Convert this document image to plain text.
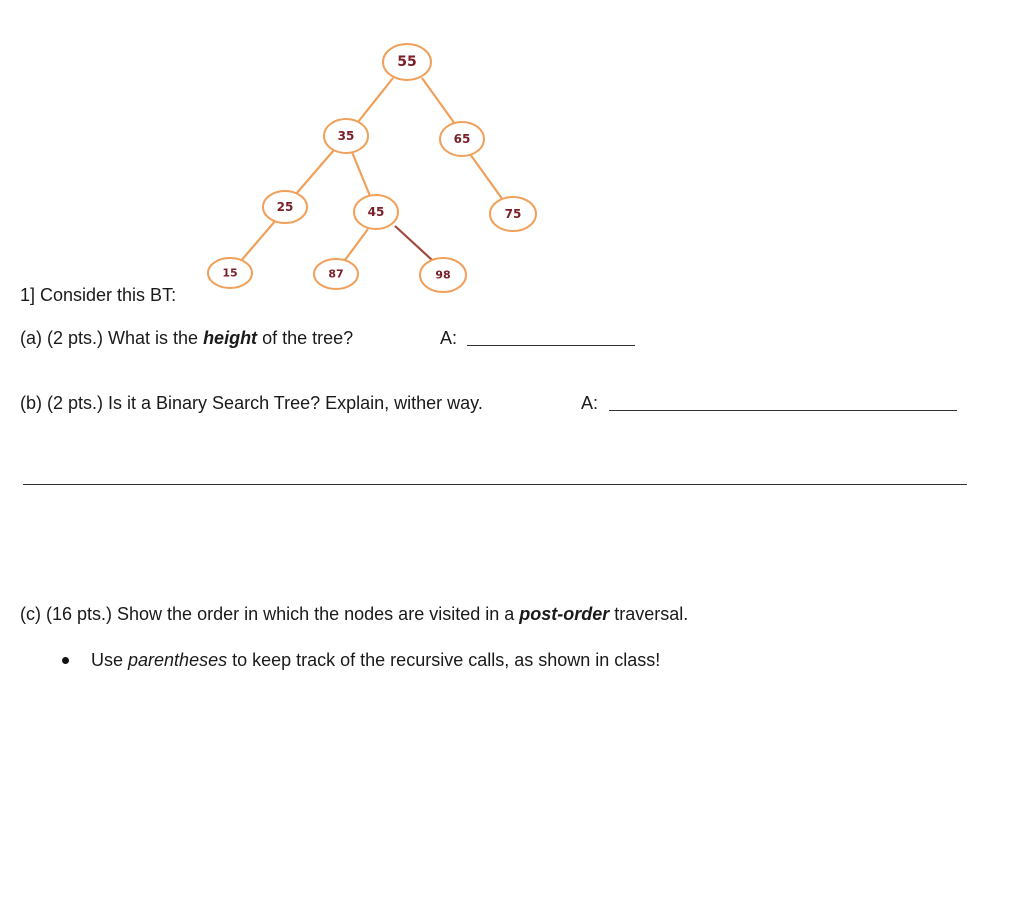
55
35	65
25	45	75
15	87	98
1] Consider this BT:
(a) (2 pts.) What is the height of the tree?	A:
(b) (2 pts.) Is it a Binary Search Tree? Explain, wither way.	A:
(c) (16 pts.) Show the order in which the nodes are visited in a post-order traversal.
Use parentheses to keep track of the recursive calls, as shown in class!
